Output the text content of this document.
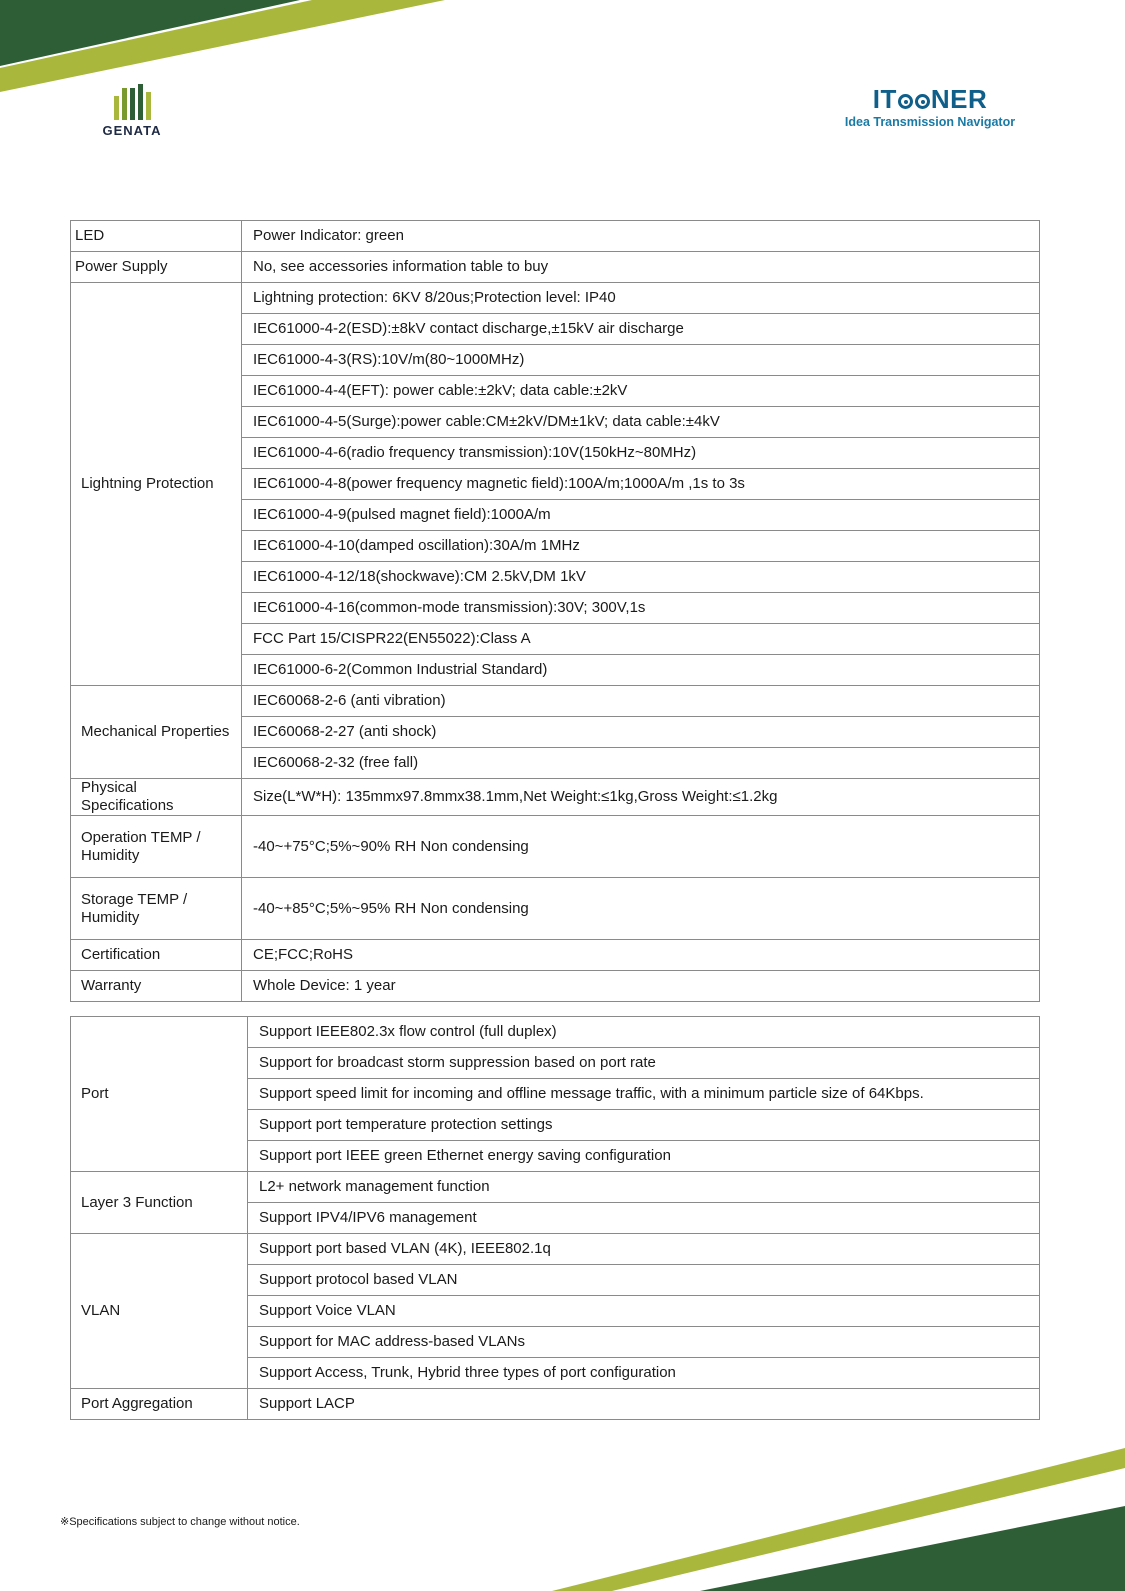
GENATA
IT NER
Idea Transmission Navigator
LED	Power Indicator: green
Power Supply	No, see accessories information table to buy
Lightning Protection	Lightning protection: 6KV 8/20us;Protection level: IP40
	IEC61000-4-2(ESD):±8kV contact discharge,±15kV air discharge
	IEC61000-4-3(RS):10V/m(80~1000MHz)
	IEC61000-4-4(EFT): power cable:±2kV; data cable:±2kV
	IEC61000-4-5(Surge):power cable:CM±2kV/DM±1kV; data cable:±4kV
	IEC61000-4-6(radio frequency transmission):10V(150kHz~80MHz)
	IEC61000-4-8(power frequency magnetic field):100A/m;1000A/m ,1s to 3s
	IEC61000-4-9(pulsed magnet field):1000A/m
	IEC61000-4-10(damped oscillation):30A/m 1MHz
	IEC61000-4-12/18(shockwave):CM 2.5kV,DM 1kV
	IEC61000-4-16(common-mode transmission):30V; 300V,1s
	FCC Part 15/CISPR22(EN55022):Class A
	IEC61000-6-2(Common Industrial Standard)
Mechanical Properties	IEC60068-2-6 (anti vibration)
	IEC60068-2-27 (anti shock)
	IEC60068-2-32 (free fall)
Physical Specifications	Size(L*W*H): 135mmx97.8mmx38.1mm,Net Weight:≤1kg,Gross Weight:≤1.2kg
Operation TEMP / Humidity	-40~+75°C;5%~90% RH Non condensing
Storage TEMP / Humidity	-40~+85°C;5%~95% RH Non condensing
Certification	CE;FCC;RoHS
Warranty	Whole Device: 1 year
Port	Support IEEE802.3x flow control (full duplex)
	Support for broadcast storm suppression based on port rate
	Support speed limit for incoming and offline message traffic, with a minimum particle size of 64Kbps.
	Support port temperature protection settings
	Support port IEEE green Ethernet energy saving configuration
Layer 3 Function	L2+ network management function
	Support IPV4/IPV6 management
VLAN	Support port based VLAN (4K), IEEE802.1q
	Support protocol based VLAN
	Support Voice VLAN
	Support for MAC address-based VLANs
	Support Access, Trunk, Hybrid three types of port configuration
Port Aggregation	Support LACP
※Specifications subject to change without notice.
